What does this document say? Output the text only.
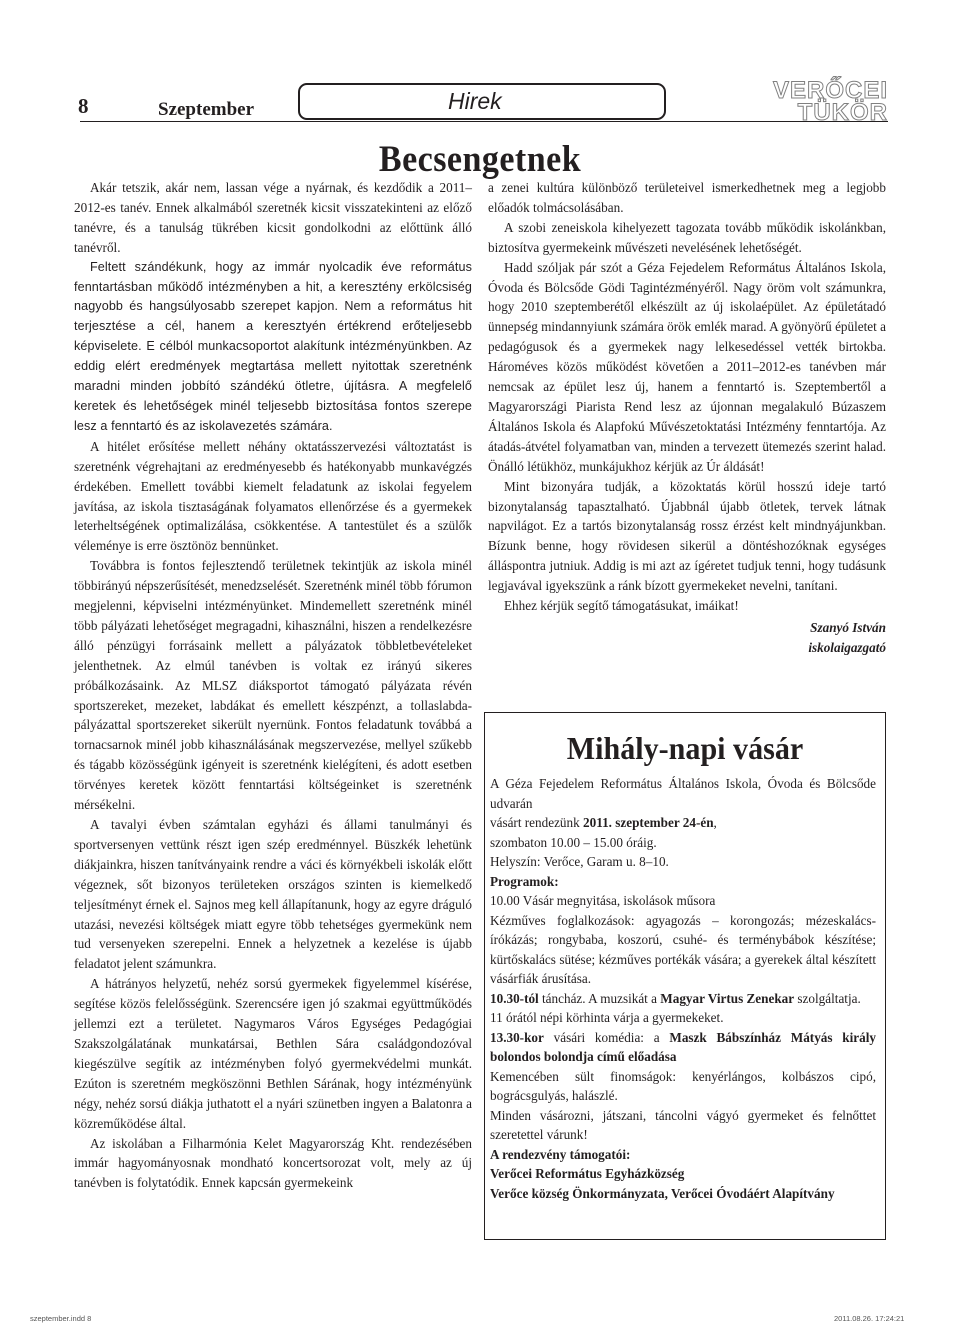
8	Szeptember	Hirek	VERŐCEI
TÜKÖR
Becsengetnek

Akár tetszik, akár nem, lassan vége a nyárnak, és kezdődik a 2011–2012-es tanév. Ennek alkalmából szeretnék kicsit visszatekinteni az előző tanévre, és a tanulság tükrében kicsit gondolkodni az előttünk álló tanévről.

Feltett szándékunk, hogy az immár nyolcadik éve református fenntartásban működő intézményben a hit, a keresztény erkölcsiség nagyobb és hangsúlyosabb szerepet kapjon. Nem a református hit terjesztése a cél, hanem a keresztyén értékrend erőteljesebb képviselete. E célból munkacsoportot alakítunk intézményünkben. Az eddig elért eredmények megtartása mellett nyitottak szeretnénk maradni minden jobbító szándékú ötletre, újításra. A megfelelő keretek és lehetőségek minél teljesebb biztosítása fontos szerepe lesz a fenntartó és az iskolavezetés számára.

A hitélet erősítése mellett néhány oktatásszervezési változtatást is szeretnénk végrehajtani az eredményesebb és hatékonyabb munkavégzés érdekében. Emellett további kiemelt feladatunk az iskolai fegyelem javítása, az iskola tisztaságának folyamatos ellenőrzése és a gyermekek leterheltségének optimalizálása, csökkentése. A tantestület és a szülők véleménye is erre ösztönöz bennünket.

Továbbra is fontos fejlesztendő területnek tekintjük az iskola minél többirányú népszerűsítését, menedzselését. Szeretnénk minél több fórumon megjelenni, képviselni intézményünket. Mindemellett szeretnénk minél több pályázati lehetőséget megragadni, kihasználni, hiszen a rendelkezésre álló pénzügyi forrásaink mellett a pályázatok többletbevételeket jelenthetnek. Az elmúl tanévben is voltak ez irányú sikeres próbálkozásaink. Az MLSZ diáksportot támogató pályázata révén sportszereket, mezeket, labdákat és emellett készpénzt, a tollaslabda-pályázattal sportszereket sikerült nyernünk. Fontos feladatunk továbbá a tornacsarnok minél jobb kihasználásának megszervezése, mellyel szűkebb és tágabb közösségünk igényeit is szeretnénk kielégíteni, és adott esetben törvényes keretek között fenntartási költségeinket is szeretnénk mérsékelni.

A tavalyi évben számtalan egyházi és állami tanulmányi és sportversenyen vettünk részt igen szép eredménnyel. Büszkék lehetünk diákjainkra, hiszen tanítványaink rendre a váci és környékbeli iskolák előtt végeznek, sőt bizonyos területeken országos szinten is kiemelkedő teljesítményt érnek el. Sajnos meg kell állapítanunk, hogy az egyre dráguló utazási, nevezési költségek miatt egyre több tehetséges gyermekünk nem tud versenyeken szerepelni. Ennek a helyzetnek a kezelése is újabb feladatot jelent számunkra.

A hátrányos helyzetű, nehéz sorsú gyermekek figyelemmel kísérése, segítése közös felelősségünk. Szerencsére igen jó szakmai együttműködés jellemzi ezt a területet. Nagymaros Város Egységes Pedagógiai Szakszolgálatának munkatársai, Bethlen Sára családgondozóval kiegészülve segítik az intézményben folyó gyermekvédelmi munkát. Ezúton is szeretném megköszönni Bethlen Sárának, hogy intézményünk négy, nehéz sorsú diákja juthatott el a nyári szünetben ingyen a Balatonra a közreműködése által.

Az iskolában a Filharmónia Kelet Magyarország Kht. rendezésében immár hagyományosnak mondható koncertsorozat volt, mely az új tanévben is folytatódik. Ennek kapcsán gyermekeink

a zenei kultúra különböző területeivel ismerkedhetnek meg a legjobb előadók tolmácsolásában.

A szobi zeneiskola kihelyezett tagozata tovább működik iskolánkban, biztosítva gyermekeink művészeti nevelésének lehetőségét.

Hadd szóljak pár szót a Géza Fejedelem Református Általános Iskola, Óvoda és Bölcsőde Gödi Tagintézményéről. Nagy öröm volt számunkra, hogy 2010 szeptemberétől elkészült az új iskolaépület. Az épületátadó ünnepség mindannyiunk számára örök emlék marad. A gyönyörű épületet a pedagógusok és a gyermekek nagy lelkesedéssel vették birtokba. Hároméves közös működést követően a 2011–2012-es tanévben már nemcsak az épület lesz új, hanem a fenntartó is. Szeptembertől a Magyarországi Piarista Rend lesz az újonnan megalakuló Búzaszem Általános Iskola és Alapfokú Művészetoktatási Intézmény fenntartója. Az átadás-átvétel folyamatban van, minden a tervezett ütemezés szerint halad. Önálló létükhöz, munkájukhoz kérjük az Úr áldását!

Mint bizonyára tudják, a közoktatás körül hosszú ideje tartó bizonytalanság tapasztalható. Újabbnál újabb ötletek, tervek látnak napvilágot. Ez a tartós bizonytalanság rossz érzést kelt mindnyájunkban. Bízunk benne, hogy rövidesen sikerül a döntéshozóknak egységes álláspontra jutniuk. Addig is mi azt az ígéretet tudjuk tenni, hogy tudásunk legjavával igyekszünk a ránk bízott gyermekeket nevelni, tanítani.

Ehhez kérjük segítő támogatásukat, imáikat!

Szanyó István
iskolaigazgató
Mihály-napi vásár
A Géza Fejedelem Református Általános Iskola, Óvoda és Bölcsőde udvarán
vásárt rendezünk 2011. szeptember 24-én,
szombaton 10.00 – 15.00 óráig.
Helyszín: Verőce, Garam u. 8–10.
Programok:
10.00 Vásár megnyitása, iskolások műsora
Kézműves foglalkozások: agyagozás – korongozás; mézeskalács-írókázás; rongybaba, koszorú, csuhé- és terménybábok készítése; kürtőskalács sütése; kézműves portékák vására; a gyerekek által készített vásárfiák árusítása.
10.30-tól táncház. A muzsikát a Magyar Virtus Zenekar szolgáltatja.
11 órától népi körhinta várja a gyermekeket.
13.30-kor vásári komédia: a Maszk Bábszínház Mátyás király bolondos bolondja című előadása
Kemencében sült finomságok: kenyérlángos, kolbászos cipó, bográcsgulyás, halászlé.
Minden vásározni, játszani, táncolni vágyó gyermeket és felnőttet szeretettel várunk!
A rendezvény támogatói:
Verőcei Református Egyházközség
Verőce község Önkormányzata, Verőcei Óvodáért Alapítvány
szeptember.indd 8	2011.08.26. 17:24:21
